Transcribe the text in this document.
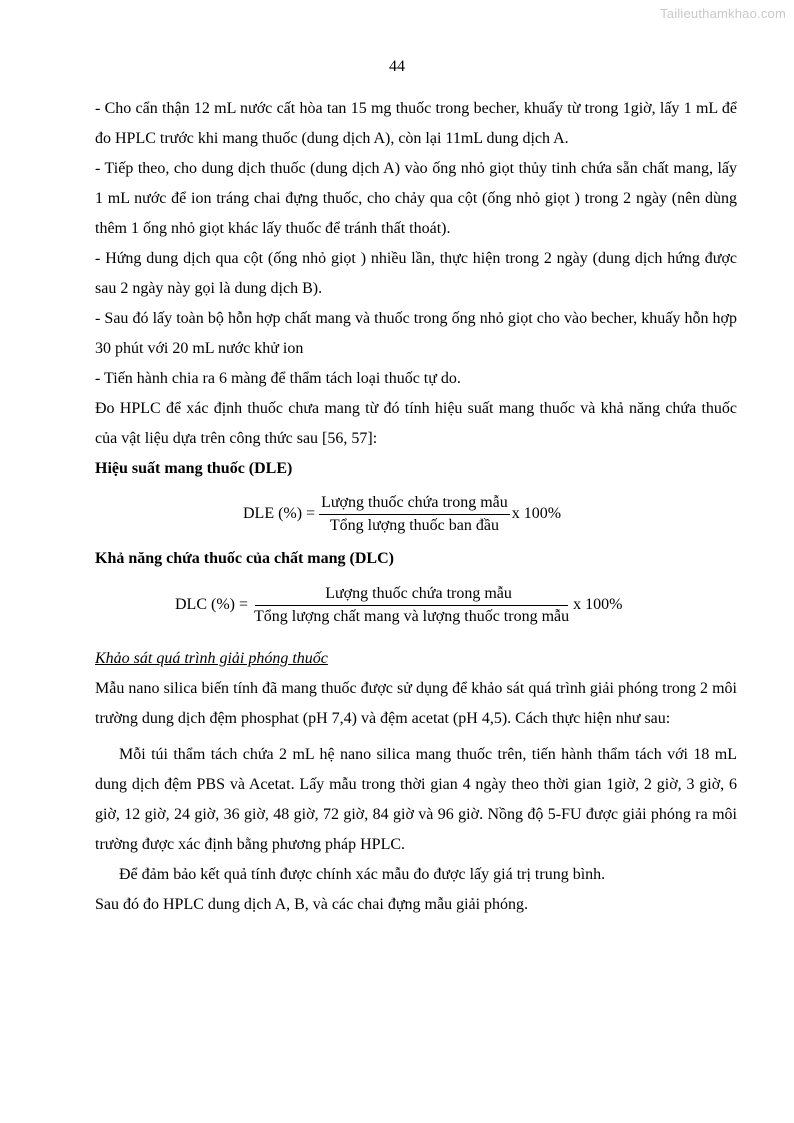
Tailieuthamkhao.com
44

- Cho cẩn thận 12 mL nước cất hòa tan 15 mg thuốc trong becher, khuấy từ trong 1giờ, lấy 1 mL để đo HPLC trước khi mang thuốc (dung dịch A), còn lại 11mL dung dịch A.

- Tiếp theo, cho dung dịch thuốc (dung dịch A) vào ống nhỏ giọt thủy tinh chứa sẵn chất mang, lấy 1 mL nước để ion tráng chai đựng thuốc, cho chảy qua cột (ống nhỏ giọt ) trong 2 ngày (nên dùng thêm 1 ống nhỏ giọt khác lấy thuốc để tránh thất thoát).

- Hứng dung dịch qua cột (ống nhỏ giọt ) nhiều lần, thực hiện trong 2 ngày (dung dịch hứng được sau 2 ngày này gọi là dung dịch B).

- Sau đó lấy toàn bộ hỗn hợp chất mang và thuốc trong ống nhỏ giọt cho vào becher, khuấy hỗn hợp 30 phút với 20 mL nước khử ion

- Tiến hành chia ra 6 màng để thẩm tách loại thuốc tự do.

Đo HPLC để xác định thuốc chưa mang từ đó tính hiệu suất mang thuốc và khả năng chứa thuốc của vật liệu dựa trên công thức sau [56, 57]:

Hiệu suất mang thuốc (DLE)

DLE (%) = $\frac{\text{Lượng thuốc chứa trong mẫu}}{\text{Tổng lượng thuốc ban đầu}}$ x 100%

Khả năng chứa thuốc của chất mang (DLC)

DLC (%) = $\frac{\text{Lượng thuốc chứa trong mẫu}}{\text{Tổng lượng chất mang và lượng thuốc trong mẫu}}$ x 100%

Khảo sát quá trình giải phóng thuốc

Mẫu nano silica biến tính đã mang thuốc được sử dụng để khảo sát quá trình giải phóng trong 2 môi trường dung dịch đệm phosphat (pH 7,4) và đệm acetat (pH 4,5). Cách thực hiện như sau:

Mỗi túi thẩm tách chứa 2 mL hệ nano silica mang thuốc trên, tiến hành thẩm tách với 18 mL dung dịch đệm PBS và Acetat. Lấy mẫu trong thời gian 4 ngày theo thời gian 1giờ, 2 giờ, 3 giờ, 6 giờ, 12 giờ, 24 giờ, 36 giờ, 48 giờ, 72 giờ, 84 giờ và 96 giờ. Nồng độ 5-FU được giải phóng ra môi trường được xác định bằng phương pháp HPLC.

Để đảm bảo kết quả tính được chính xác mẫu đo được lấy giá trị trung bình.

Sau đó đo HPLC dung dịch A, B, và các chai đựng mẫu giải phóng.
